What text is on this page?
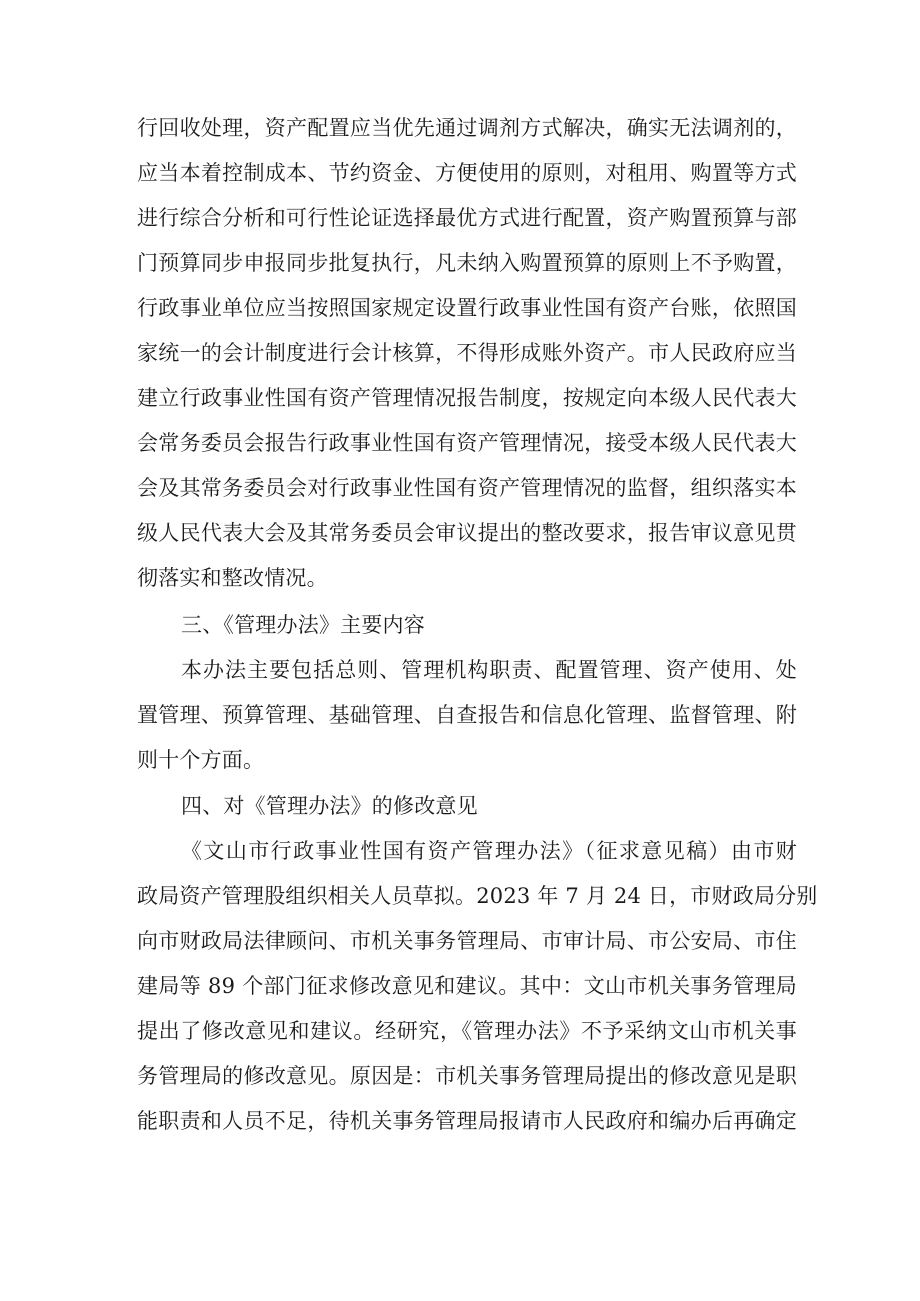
行回收处理，资产配置应当优先通过调剂方式解决，确实无法调剂的，
应当本着控制成本、节约资金、方便使用的原则，对租用、购置等方式
进行综合分析和可行性论证选择最优方式进行配置，资产购置预算与部
门预算同步申报同步批复执行，凡未纳入购置预算的原则上不予购置，
行政事业单位应当按照国家规定设置行政事业性国有资产台账，依照国
家统一的会计制度进行会计核算，不得形成账外资产。市人民政府应当
建立行政事业性国有资产管理情况报告制度，按规定向本级人民代表大
会常务委员会报告行政事业性国有资产管理情况，接受本级人民代表大
会及其常务委员会对行政事业性国有资产管理情况的监督，组织落实本
级人民代表大会及其常务委员会审议提出的整改要求，报告审议意见贯
彻落实和整改情况。
三、《管理办法》主要内容
本办法主要包括总则、管理机构职责、配置管理、资产使用、处
置管理、预算管理、基础管理、自查报告和信息化管理、监督管理、附
则十个方面。
四、对《管理办法》的修改意见
《文山市行政事业性国有资产管理办法》（征求意见稿）由市财
政局资产管理股组织相关人员草拟。2023 年 7 月 24 日，市财政局分别
向市财政局法律顾问、市机关事务管理局、市审计局、市公安局、市住
建局等 89 个部门征求修改意见和建议。其中：文山市机关事务管理局
提出了修改意见和建议。经研究，《管理办法》不予采纳文山市机关事
务管理局的修改意见。原因是：市机关事务管理局提出的修改意见是职
能职责和人员不足，待机关事务管理局报请市人民政府和编办后再确定
